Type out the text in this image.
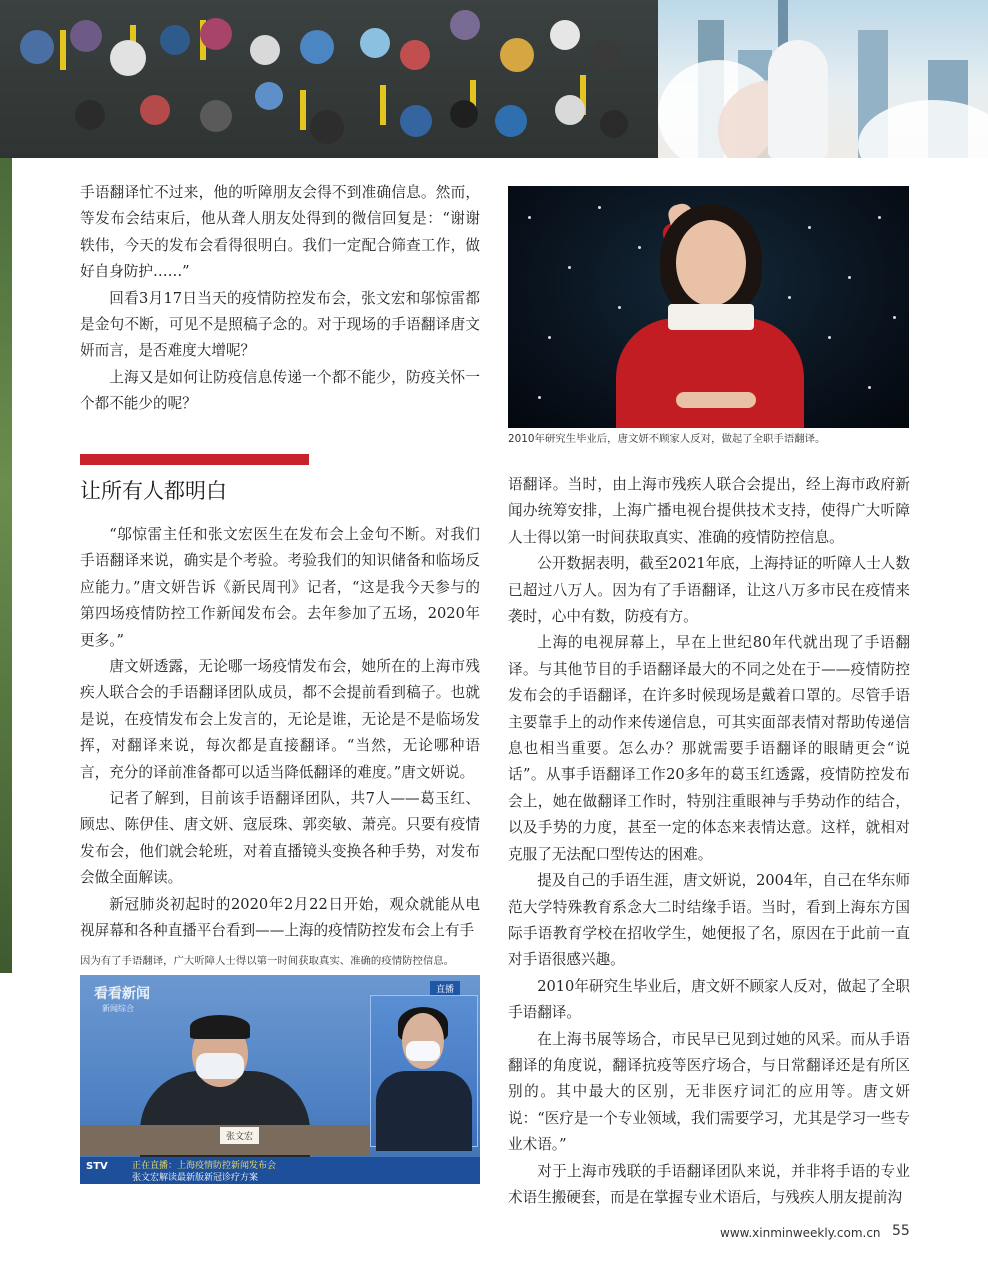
手语翻译忙不过来，他的听障朋友会得不到准确信息。然而，等发布会结束后，他从聋人朋友处得到的微信回复是：“谢谢轶伟，今天的发布会看得很明白。我们一定配合筛查工作，做好自身防护……”

回看3月17日当天的疫情防控发布会，张文宏和邬惊雷都是金句不断，可见不是照稿子念的。对于现场的手语翻译唐文妍而言，是否难度大增呢？

上海又是如何让防疫信息传递一个都不能少，防疫关怀一个都不能少的呢？

让所有人都明白

“邬惊雷主任和张文宏医生在发布会上金句不断。对我们手语翻译来说，确实是个考验。考验我们的知识储备和临场反应能力。”唐文妍告诉《新民周刊》记者，“这是我今天参与的第四场疫情防控工作新闻发布会。去年参加了五场，2020年更多。”

唐文妍透露，无论哪一场疫情发布会，她所在的上海市残疾人联合会的手语翻译团队成员，都不会提前看到稿子。也就是说，在疫情发布会上发言的，无论是谁，无论是不是临场发挥，对翻译来说，每次都是直接翻译。“当然，无论哪种语言，充分的译前准备都可以适当降低翻译的难度。”唐文妍说。

记者了解到，目前该手语翻译团队，共7人——葛玉红、顾忠、陈伊佳、唐文妍、寇辰珠、郭奕敏、萧亮。只要有疫情发布会，他们就会轮班，对着直播镜头变换各种手势，对发布会做全面解读。

新冠肺炎初起时的2020年2月22日开始，观众就能从电视屏幕和各种直播平台看到——上海的疫情防控发布会上有手

因为有了手语翻译，广大听障人士得以第一时间获取真实、准确的疫情防控信息。
看看新闻
新闻综合
直播
张文宏
STV	正在直播：上海疫情防控新闻发布会
张文宏解读最新版新冠诊疗方案
2010年研究生毕业后，唐文妍不顾家人反对，做起了全职手语翻译。

语翻译。当时，由上海市残疾人联合会提出，经上海市政府新闻办统筹安排，上海广播电视台提供技术支持，使得广大听障人士得以第一时间获取真实、准确的疫情防控信息。

公开数据表明，截至2021年底，上海持证的听障人士人数已超过八万人。因为有了手语翻译，让这八万多市民在疫情来袭时，心中有数，防疫有方。

上海的电视屏幕上，早在上世纪80年代就出现了手语翻译。与其他节目的手语翻译最大的不同之处在于——疫情防控发布会的手语翻译，在许多时候现场是戴着口罩的。尽管手语主要靠手上的动作来传递信息，可其实面部表情对帮助传递信息也相当重要。怎么办？那就需要手语翻译的眼睛更会“说话”。从事手语翻译工作20多年的葛玉红透露，疫情防控发布会上，她在做翻译工作时，特别注重眼神与手势动作的结合，以及手势的力度，甚至一定的体态来表情达意。这样，就相对克服了无法配口型传达的困难。

提及自己的手语生涯，唐文妍说，2004年，自己在华东师范大学特殊教育系念大二时结缘手语。当时，看到上海东方国际手语教育学校在招收学生，她便报了名，原因在于此前一直对手语很感兴趣。

2010年研究生毕业后，唐文妍不顾家人反对，做起了全职手语翻译。

在上海书展等场合，市民早已见到过她的风采。而从手语翻译的角度说，翻译抗疫等医疗场合，与日常翻译还是有所区别的。其中最大的区别，无非医疗词汇的应用等。唐文妍说：“医疗是一个专业领域，我们需要学习，尤其是学习一些专业术语。”

对于上海市残联的手语翻译团队来说，并非将手语的专业术语生搬硬套，而是在掌握专业术语后，与残疾人朋友提前沟

www.xinminweekly.com.cn 55
